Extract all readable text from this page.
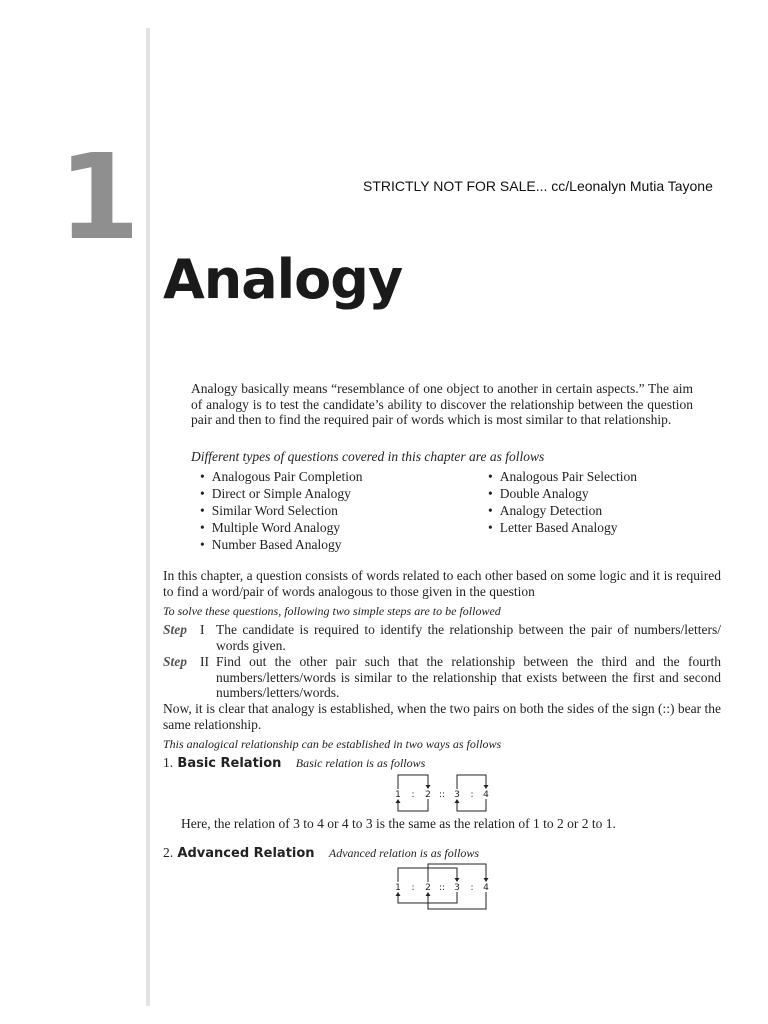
1	STRICTLY NOT FOR SALE... cc/Leonalyn Mutia Tayone
Analogy
Analogy basically means “resemblance of one object to another in certain aspects.” The aim of analogy is to test the candidate’s ability to discover the relationship between the question pair and then to find the required pair of words which is most similar to that relationship.
Different types of questions covered in this chapter are as follows
• Analogous Pair Completion
• Direct or Simple Analogy
• Similar Word Selection
• Multiple Word Analogy
• Number Based Analogy
• Analogous Pair Selection
• Double Analogy
• Analogy Detection
• Letter Based Analogy
In this chapter, a question consists of words related to each other based on some logic and it is required to find a word/pair of words analogous to those given in the question
To solve these questions, following two simple steps are to be followed
Step I The candidate is required to identify the relationship between the pair of numbers/letters/ words given.
Step II Find out the other pair such that the relationship between the third and the fourth numbers/letters/words is similar to the relationship that exists between the first and second numbers/letters/words.
Now, it is clear that analogy is established, when the two pairs on both the sides of the sign (::) bear the same relationship.
This analogical relationship can be established in two ways as follows
1. Basic Relation Basic relation is as follows
1 : 2 :: 3 : 4
Here, the relation of 3 to 4 or 4 to 3 is the same as the relation of 1 to 2 or 2 to 1.
2. Advanced Relation Advanced relation is as follows
1 : 2 :: 3 : 4
